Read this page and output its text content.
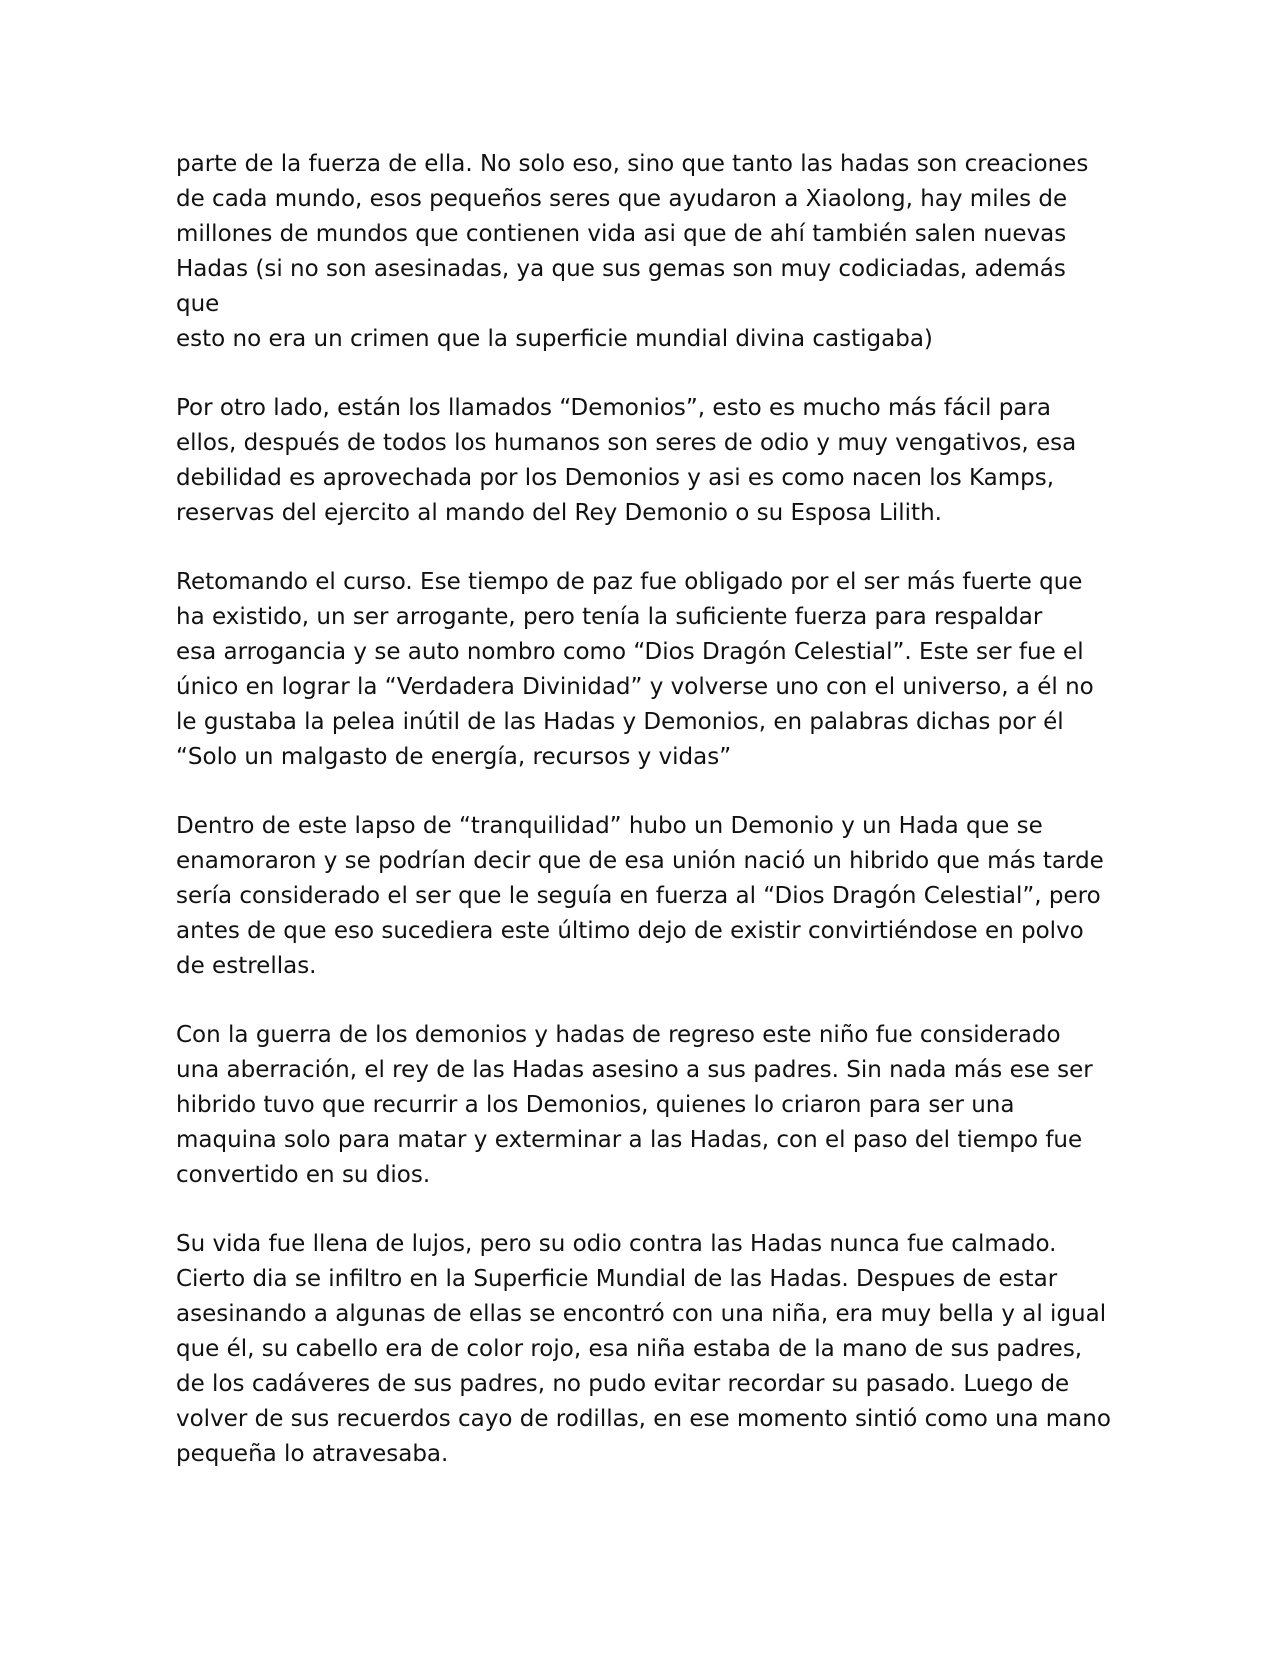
parte de la fuerza de ella. No solo eso, sino que tanto las hadas son creaciones
de cada mundo, esos pequeños seres que ayudaron a Xiaolong, hay miles de
millones de mundos que contienen vida asi que de ahí también salen nuevas
Hadas (si no son asesinadas, ya que sus gemas son muy codiciadas, además que
esto no era un crimen que la superficie mundial divina castigaba)

Por otro lado, están los llamados “Demonios”, esto es mucho más fácil para
ellos, después de todos los humanos son seres de odio y muy vengativos, esa
debilidad es aprovechada por los Demonios y asi es como nacen los Kamps,
reservas del ejercito al mando del Rey Demonio o su Esposa Lilith.

Retomando el curso. Ese tiempo de paz fue obligado por el ser más fuerte que
ha existido, un ser arrogante, pero tenía la suficiente fuerza para respaldar
esa arrogancia y se auto nombro como “Dios Dragón Celestial”. Este ser fue el
único en lograr la “Verdadera Divinidad” y volverse uno con el universo, a él no
le gustaba la pelea inútil de las Hadas y Demonios, en palabras dichas por él
“Solo un malgasto de energía, recursos y vidas”

Dentro de este lapso de “tranquilidad” hubo un Demonio y un Hada que se
enamoraron y se podrían decir que de esa unión nació un hibrido que más tarde
sería considerado el ser que le seguía en fuerza al “Dios Dragón Celestial”, pero
antes de que eso sucediera este último dejo de existir convirtiéndose en polvo
de estrellas.

Con la guerra de los demonios y hadas de regreso este niño fue considerado
una aberración, el rey de las Hadas asesino a sus padres. Sin nada más ese ser
hibrido tuvo que recurrir a los Demonios, quienes lo criaron para ser una
maquina solo para matar y exterminar a las Hadas, con el paso del tiempo fue
convertido en su dios.

Su vida fue llena de lujos, pero su odio contra las Hadas nunca fue calmado.
Cierto dia se infiltro en la Superficie Mundial de las Hadas. Despues de estar
asesinando a algunas de ellas se encontró con una niña, era muy bella y al igual
que él, su cabello era de color rojo, esa niña estaba de la mano de sus padres,
de los cadáveres de sus padres, no pudo evitar recordar su pasado. Luego de
volver de sus recuerdos cayo de rodillas, en ese momento sintió como una mano
pequeña lo atravesaba.
